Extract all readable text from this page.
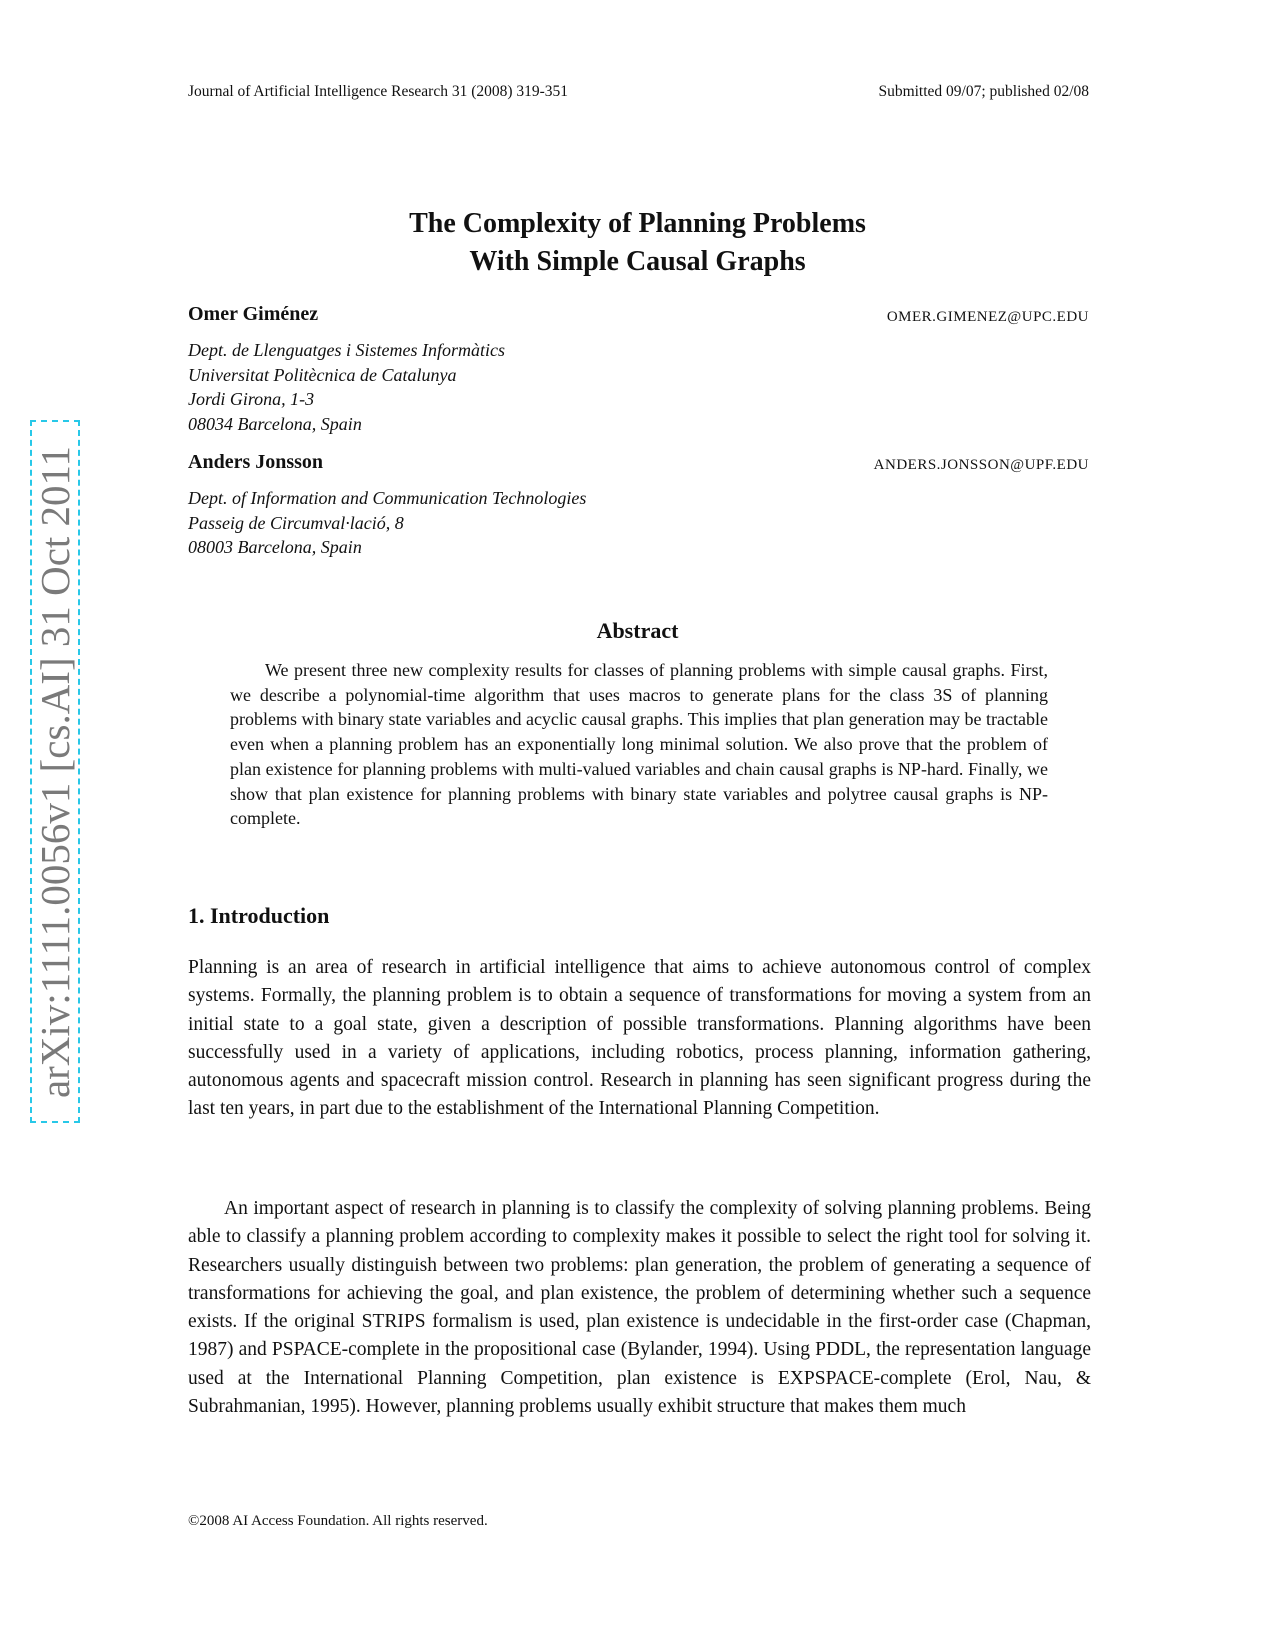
arXiv:1111.0056v1 [cs.AI] 31 Oct 2011
Journal of Artificial Intelligence Research 31 (2008) 319-351	Submitted 09/07; published 02/08
The Complexity of Planning Problems
With Simple Causal Graphs
Omer Giménez	OMER.GIMENEZ@UPC.EDU
Dept. de Llenguatges i Sistemes Informàtics
Universitat Politècnica de Catalunya
Jordi Girona, 1-3
08034 Barcelona, Spain
Anders Jonsson	ANDERS.JONSSON@UPF.EDU
Dept. of Information and Communication Technologies
Passeig de Circumval·lació, 8
08003 Barcelona, Spain
Abstract
We present three new complexity results for classes of planning problems with simple causal graphs. First, we describe a polynomial-time algorithm that uses macros to generate plans for the class 3S of planning problems with binary state variables and acyclic causal graphs. This implies that plan generation may be tractable even when a planning problem has an exponentially long minimal solution. We also prove that the problem of plan existence for planning problems with multi-valued variables and chain causal graphs is NP-hard. Finally, we show that plan existence for planning problems with binary state variables and polytree causal graphs is NP-complete.
1. Introduction
Planning is an area of research in artificial intelligence that aims to achieve autonomous control of complex systems. Formally, the planning problem is to obtain a sequence of transformations for moving a system from an initial state to a goal state, given a description of possible transformations. Planning algorithms have been successfully used in a variety of applications, including robotics, process planning, information gathering, autonomous agents and spacecraft mission control. Research in planning has seen significant progress during the last ten years, in part due to the establishment of the International Planning Competition.
An important aspect of research in planning is to classify the complexity of solving planning problems. Being able to classify a planning problem according to complexity makes it possible to select the right tool for solving it. Researchers usually distinguish between two problems: plan generation, the problem of generating a sequence of transformations for achieving the goal, and plan existence, the problem of determining whether such a sequence exists. If the original STRIPS formalism is used, plan existence is undecidable in the first-order case (Chapman, 1987) and PSPACE-complete in the propositional case (Bylander, 1994). Using PDDL, the representation language used at the International Planning Competition, plan existence is EXPSPACE-complete (Erol, Nau, & Subrahmanian, 1995). However, planning problems usually exhibit structure that makes them much
©2008 AI Access Foundation. All rights reserved.
